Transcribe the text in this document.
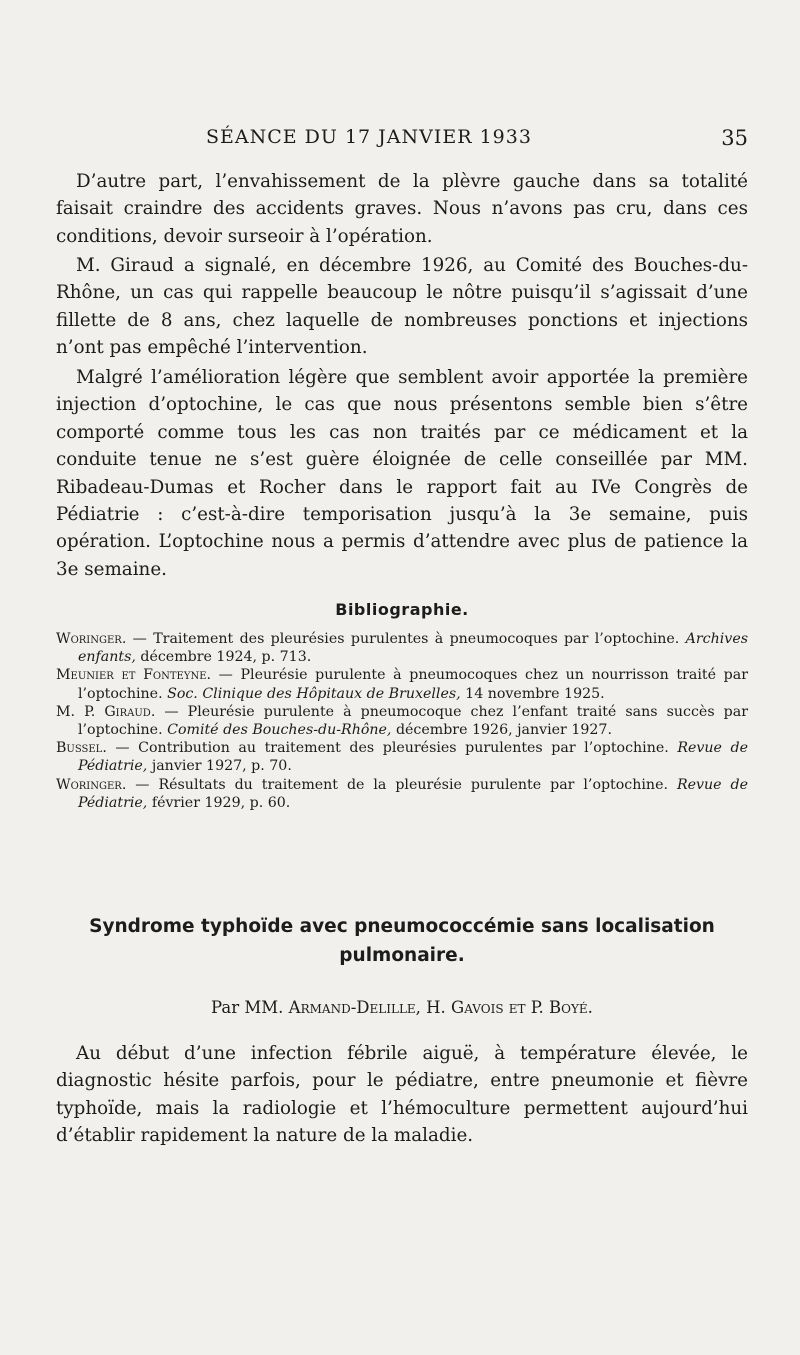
SÉANCE DU 17 JANVIER 1933	35

D’autre part, l’envahissement de la plèvre gauche dans sa totalité faisait craindre des accidents graves. Nous n’avons pas cru, dans ces conditions, devoir surseoir à l’opération.

M. Giraud a signalé, en décembre 1926, au Comité des Bouches-du-Rhône, un cas qui rappelle beaucoup le nôtre puisqu’il s’agissait d’une fillette de 8 ans, chez laquelle de nombreuses ponctions et injections n’ont pas empêché l’intervention.

Malgré l’amélioration légère que semblent avoir apportée la première injection d’optochine, le cas que nous présentons semble bien s’être comporté comme tous les cas non traités par ce médicament et la conduite tenue ne s’est guère éloignée de celle conseillée par MM. Ribadeau-Dumas et Rocher dans le rapport fait au IVe Congrès de Pédiatrie : c’est-à-dire temporisation jusqu’à la 3e semaine, puis opération. L’optochine nous a permis d’attendre avec plus de patience la 3e semaine.

Bibliographie.

Woringer. — Traitement des pleurésies purulentes à pneumocoques par l’optochine. Archives enfants, décembre 1924, p. 713.

Meunier et Fonteyne. — Pleurésie purulente à pneumocoques chez un nourrisson traité par l’optochine. Soc. Clinique des Hôpitaux de Bruxelles, 14 novembre 1925.

M. P. Giraud. — Pleurésie purulente à pneumocoque chez l’enfant traité sans succès par l’optochine. Comité des Bouches-du-Rhône, décembre 1926, janvier 1927.

Bussel. — Contribution au traitement des pleurésies purulentes par l’optochine. Revue de Pédiatrie, janvier 1927, p. 70.

Woringer. — Résultats du traitement de la pleurésie purulente par l’optochine. Revue de Pédiatrie, février 1929, p. 60.

Syndrome typhoïde avec pneumococcémie sans localisation
pulmonaire.
Par MM. Armand-Delille, H. Gavois et P. Boyé.

Au début d’une infection fébrile aiguë, à température élevée, le diagnostic hésite parfois, pour le pédiatre, entre pneumonie et fièvre typhoïde, mais la radiologie et l’hémoculture permettent aujourd’hui d’établir rapidement la nature de la maladie.
